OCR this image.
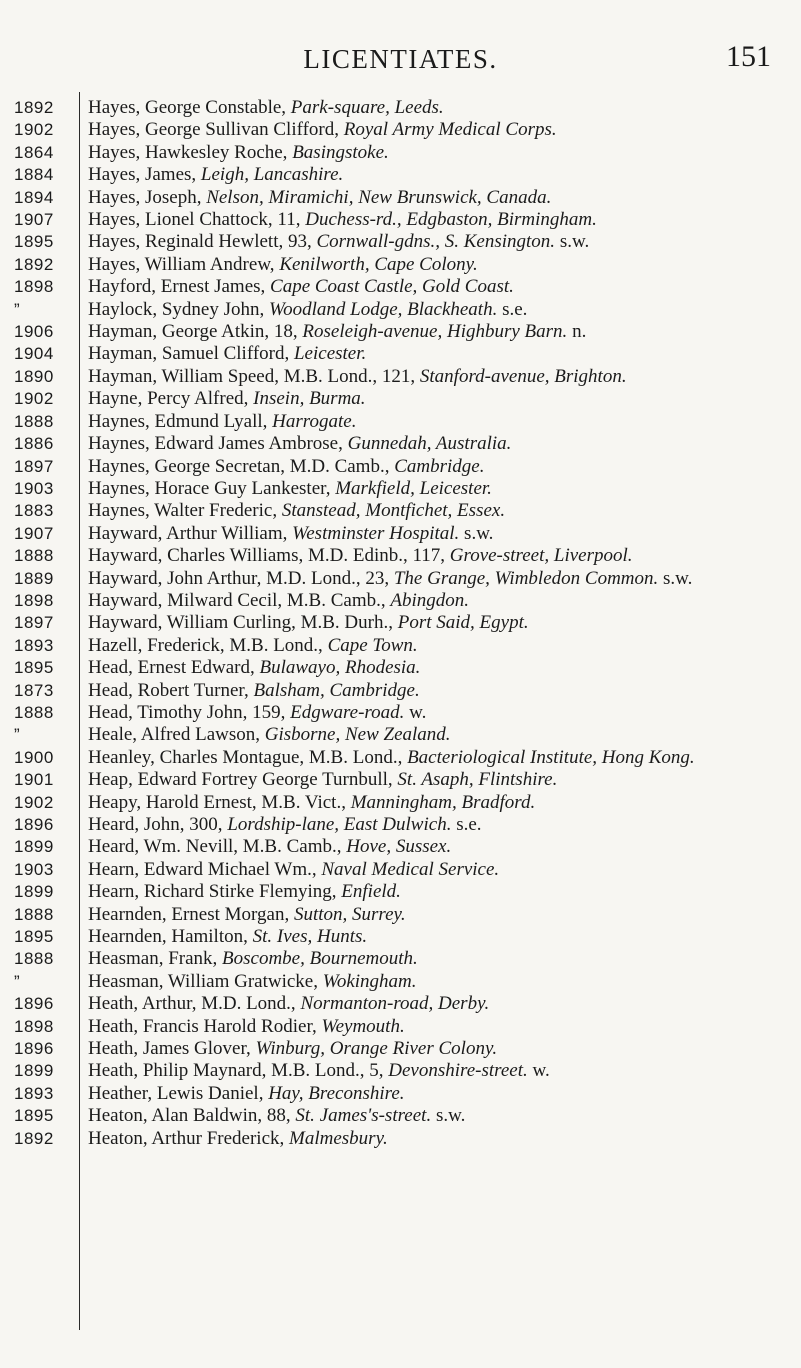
LICENTIATES.	151
1892	Hayes, George Constable, Park-square, Leeds.
1902	Hayes, George Sullivan Clifford, Royal Army Medical Corps.
1864	Hayes, Hawkesley Roche, Basingstoke.
1884	Hayes, James, Leigh, Lancashire.
1894	Hayes, Joseph, Nelson, Miramichi, New Brunswick, Canada.
1907	Hayes, Lionel Chattock, 11, Duchess-rd., Edgbaston, Birmingham.
1895	Hayes, Reginald Hewlett, 93, Cornwall-gdns., S. Kensington. s.w.
1892	Hayes, William Andrew, Kenilworth, Cape Colony.
1898	Hayford, Ernest James, Cape Coast Castle, Gold Coast.
”	Haylock, Sydney John, Woodland Lodge, Blackheath. s.e.
1906	Hayman, George Atkin, 18, Roseleigh-avenue, Highbury Barn. n.
1904	Hayman, Samuel Clifford, Leicester.
1890	Hayman, William Speed, M.B. Lond., 121, Stanford-avenue, Brighton.
1902	Hayne, Percy Alfred, Insein, Burma.
1888	Haynes, Edmund Lyall, Harrogate.
1886	Haynes, Edward James Ambrose, Gunnedah, Australia.
1897	Haynes, George Secretan, M.D. Camb., Cambridge.
1903	Haynes, Horace Guy Lankester, Markfield, Leicester.
1883	Haynes, Walter Frederic, Stanstead, Montfichet, Essex.
1907	Hayward, Arthur William, Westminster Hospital. s.w.
1888	Hayward, Charles Williams, M.D. Edinb., 117, Grove-street, Liverpool.
1889	Hayward, John Arthur, M.D. Lond., 23, The Grange, Wimbledon Common. s.w.
1898	Hayward, Milward Cecil, M.B. Camb., Abingdon.
1897	Hayward, William Curling, M.B. Durh., Port Said, Egypt.
1893	Hazell, Frederick, M.B. Lond., Cape Town.
1895	Head, Ernest Edward, Bulawayo, Rhodesia.
1873	Head, Robert Turner, Balsham, Cambridge.
1888	Head, Timothy John, 159, Edgware-road. w.
”	Heale, Alfred Lawson, Gisborne, New Zealand.
1900	Heanley, Charles Montague, M.B. Lond., Bacteriological Institute, Hong Kong.
1901	Heap, Edward Fortrey George Turnbull, St. Asaph, Flintshire.
1902	Heapy, Harold Ernest, M.B. Vict., Manningham, Bradford.
1896	Heard, John, 300, Lordship-lane, East Dulwich. s.e.
1899	Heard, Wm. Nevill, M.B. Camb., Hove, Sussex.
1903	Hearn, Edward Michael Wm., Naval Medical Service.
1899	Hearn, Richard Stirke Flemying, Enfield.
1888	Hearnden, Ernest Morgan, Sutton, Surrey.
1895	Hearnden, Hamilton, St. Ives, Hunts.
1888	Heasman, Frank, Boscombe, Bournemouth.
”	Heasman, William Gratwicke, Wokingham.
1896	Heath, Arthur, M.D. Lond., Normanton-road, Derby.
1898	Heath, Francis Harold Rodier, Weymouth.
1896	Heath, James Glover, Winburg, Orange River Colony.
1899	Heath, Philip Maynard, M.B. Lond., 5, Devonshire-street. w.
1893	Heather, Lewis Daniel, Hay, Breconshire.
1895	Heaton, Alan Baldwin, 88, St. James's-street. s.w.
1892	Heaton, Arthur Frederick, Malmesbury.
